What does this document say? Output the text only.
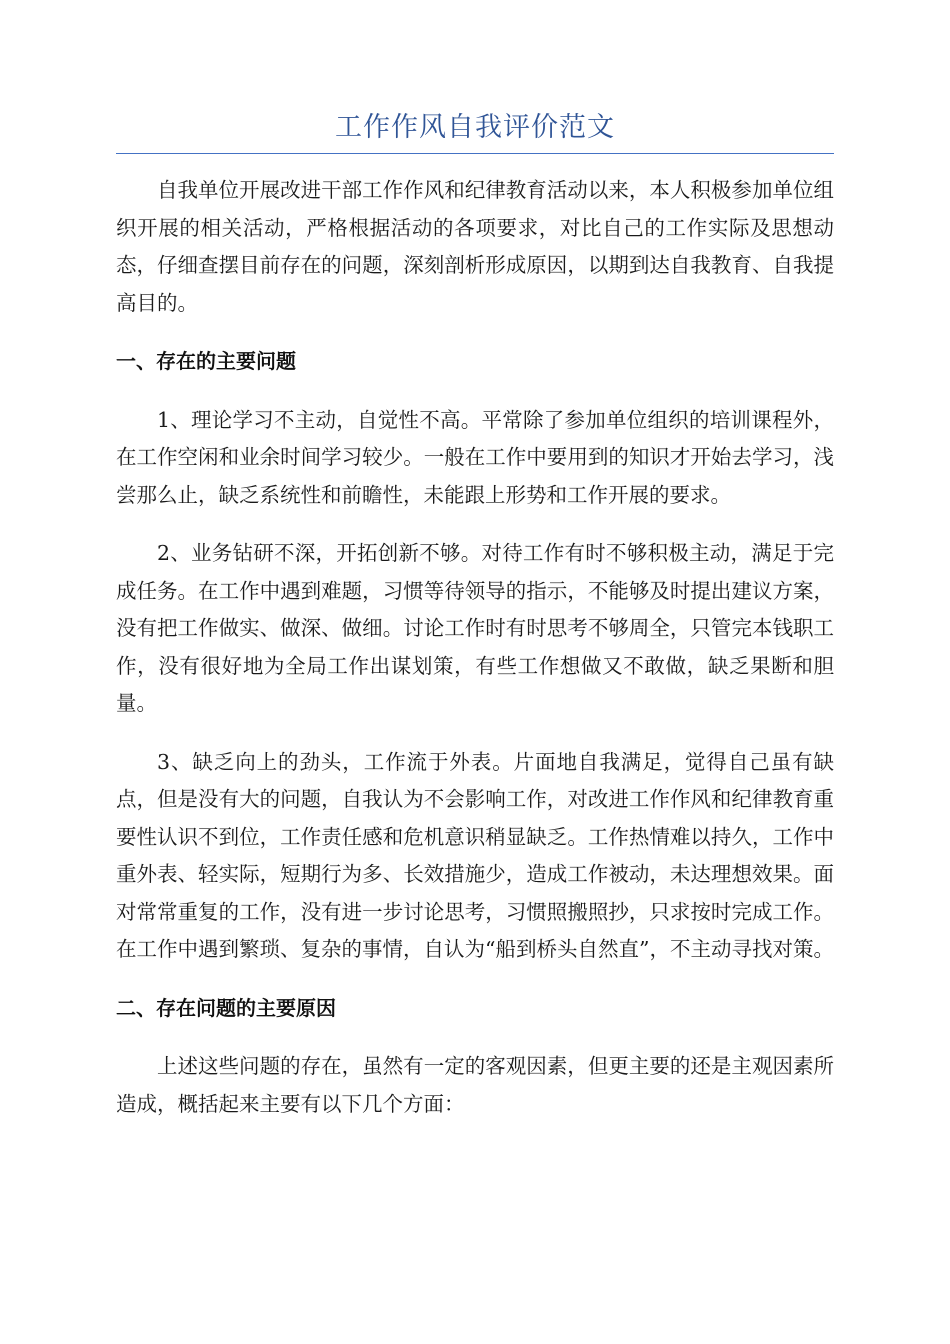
工作作风自我评价范文

自我单位开展改进干部工作作风和纪律教育活动以来，本人积极参加单位组织开展的相关活动，严格根据活动的各项要求，对比自己的工作实际及思想动态，仔细查摆目前存在的问题，深刻剖析形成原因，以期到达自我教育、自我提高目的。

一、存在的主要问题

1、理论学习不主动，自觉性不高。平常除了参加单位组织的培训课程外，在工作空闲和业余时间学习较少。一般在工作中要用到的知识才开始去学习，浅尝那么止，缺乏系统性和前瞻性，未能跟上形势和工作开展的要求。

2、业务钻研不深，开拓创新不够。对待工作有时不够积极主动，满足于完成任务。在工作中遇到难题，习惯等待领导的指示，不能够及时提出建议方案，没有把工作做实、做深、做细。讨论工作时有时思考不够周全，只管完本钱职工作，没有很好地为全局工作出谋划策，有些工作想做又不敢做，缺乏果断和胆量。

3、缺乏向上的劲头，工作流于外表。片面地自我满足，觉得自己虽有缺点，但是没有大的问题，自我认为不会影响工作，对改进工作作风和纪律教育重要性认识不到位，工作责任感和危机意识稍显缺乏。工作热情难以持久，工作中重外表、轻实际，短期行为多、长效措施少，造成工作被动，未达理想效果。面对常常重复的工作，没有进一步讨论思考，习惯照搬照抄，只求按时完成工作。在工作中遇到繁琐、复杂的事情，自认为“船到桥头自然直”，不主动寻找对策。

二、存在问题的主要原因

上述这些问题的存在，虽然有一定的客观因素，但更主要的还是主观因素所造成，概括起来主要有以下几个方面：
